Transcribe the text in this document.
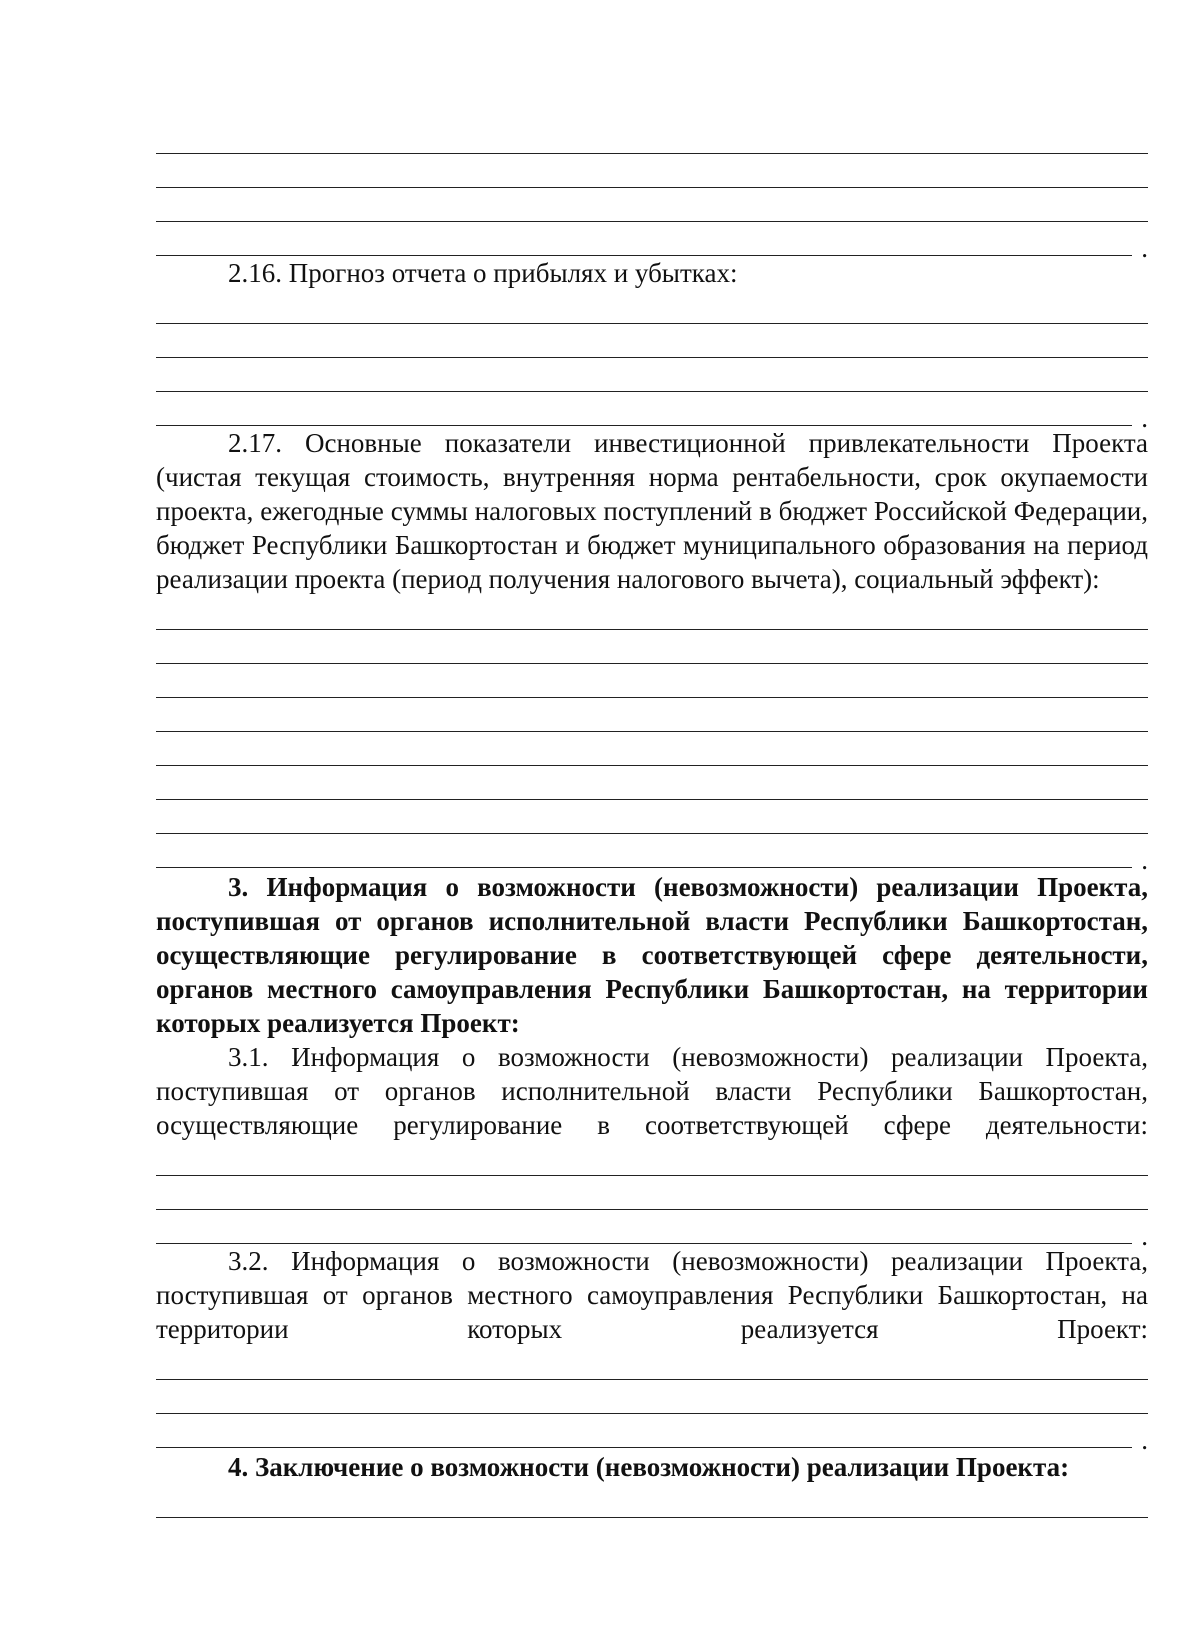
.

2.16. Прогноз отчета о прибылях и убытках:

.

2.17. Основные показатели инвестиционной привлекательности Проекта (чистая текущая стоимость, внутренняя норма рентабельности, срок окупаемости проекта, ежегодные суммы налоговых поступлений в бюджет Российской Федерации, бюджет Республики Башкортостан и бюджет муниципального образования на период реализации проекта (период получения налогового вычета), социальный эффект):

.

3. Информация о возможности (невозможности) реализации Проекта, поступившая от органов исполнительной власти Республики Башкортостан, осуществляющие регулирование в соответствующей сфере деятельности, органов местного самоуправления Республики Башкортостан, на территории которых реализуется Проект:

3.1. Информация о возможности (невозможности) реализации Проекта, поступившая от органов исполнительной власти Республики Башкортостан, осуществляющие регулирование в соответствующей сфере деятельности:

.

3.2. Информация о возможности (невозможности) реализации Проекта, поступившая от органов местного самоуправления Республики Башкортостан, на территории которых реализуется Проект:

.

4. Заключение о возможности (невозможности) реализации Проекта:
